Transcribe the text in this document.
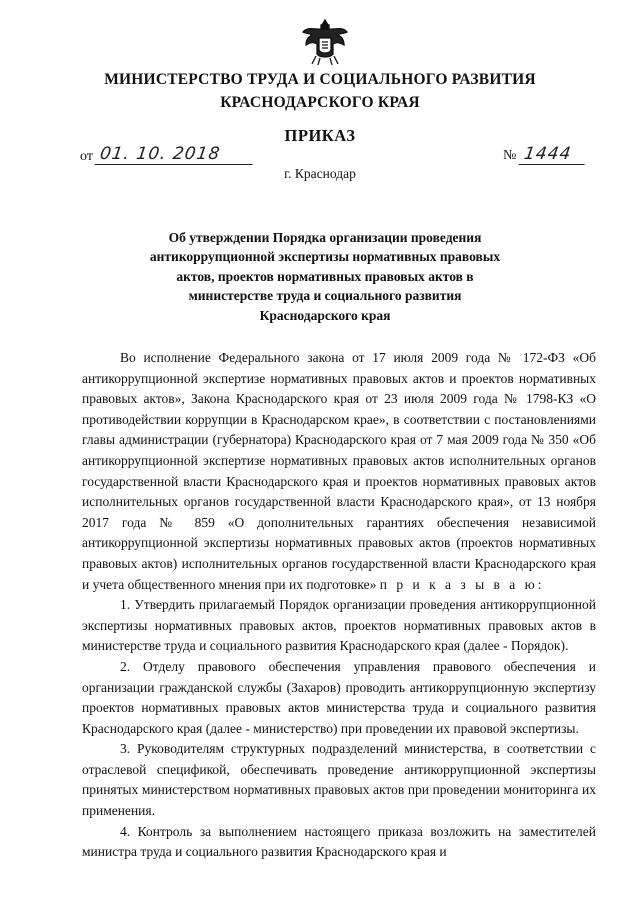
МИНИСТЕРСТВО ТРУДА И СОЦИАЛЬНОГО РАЗВИТИЯ
КРАСНОДАРСКОГО КРАЯ
ПРИКАЗ
от 01. 10. 2018	№ 1444
г. Краснодар
Об утверждении Порядка организации проведения
антикоррупционной экспертизы нормативных правовых
актов, проектов нормативных правовых актов в
министерстве труда и социального развития
Краснодарского края

Во исполнение Федерального закона от 17 июля 2009 года № 172-ФЗ «Об антикоррупционной экспертизе нормативных правовых актов и проектов нормативных правовых актов», Закона Краснодарского края от 23 июля 2009 года № 1798-КЗ «О противодействии коррупции в Краснодарском крае», в соответствии с постановлениями главы администрации (губернатора) Краснодарского края от 7 мая 2009 года № 350 «Об антикоррупционной экспертизе нормативных правовых актов исполнительных органов государственной власти Краснодарского края и проектов нормативных правовых актов исполнительных органов государственной власти Краснодарского края», от 13 ноября 2017 года № 859 «О дополнительных гарантиях обеспечения независимой антикоррупционной экспертизы нормативных правовых актов (проектов нормативных правовых актов) исполнительных органов государственной власти Краснодарского края и учета общественного мнения при их подготовке» п р и к а з ы в а ю:

1. Утвердить прилагаемый Порядок организации проведения антикоррупционной экспертизы нормативных правовых актов, проектов нормативных правовых актов в министерстве труда и социального развития Краснодарского края (далее - Порядок).

2. Отделу правового обеспечения управления правового обеспечения и организации гражданской службы (Захаров) проводить антикоррупционную экспертизу проектов нормативных правовых актов министерства труда и социального развития Краснодарского края (далее - министерство) при проведении их правовой экспертизы.

3. Руководителям структурных подразделений министерства, в соответствии с отраслевой спецификой, обеспечивать проведение антикоррупционной экспертизы принятых министерством нормативных правовых актов при проведении мониторинга их применения.

4. Контроль за выполнением настоящего приказа возложить на заместителей министра труда и социального развития Краснодарского края и
